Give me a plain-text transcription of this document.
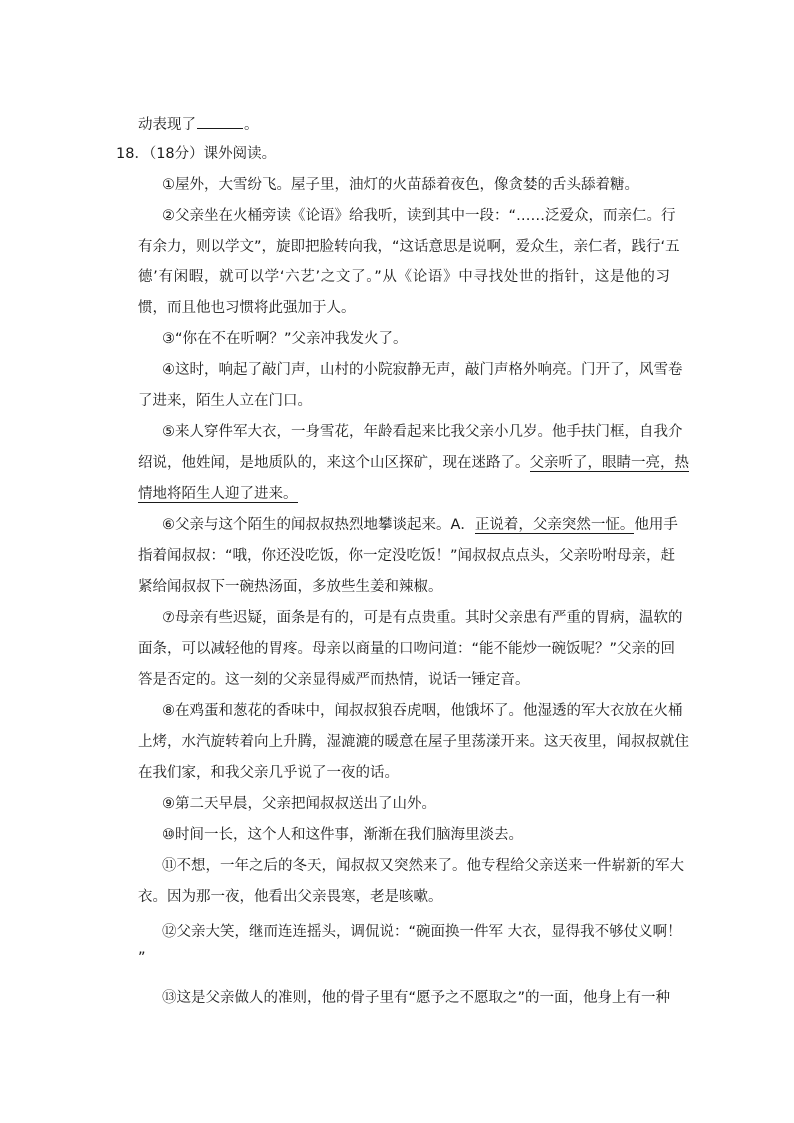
动表现了	。
18．（18分）课外阅读。
①屋外，大雪纷飞。屋子里，油灯的火苗舔着夜色，像贪婪的舌头舔着糖。
②父亲坐在火桶旁读《论语》给我听，读到其中一段：“……泛爱众，而亲仁。行
有余力，则以学文”，旋即把脸转向我，“这话意思是说啊，爱众生，亲仁者，践行‘五
德’有闲暇，就可以学‘六艺’之文了。”从《论语》中寻找处世的指针，这是他的习
惯，而且他也习惯将此强加于人。
③“你在不在听啊？”父亲冲我发火了。
④这时，响起了敲门声，山村的小院寂静无声，敲门声格外响亮。门开了，风雪卷
了进来，陌生人立在门口。
⑤来人穿件军大衣，一身雪花，年龄看起来比我父亲小几岁。他手扶门框，自我介
绍说，他姓闻，是地质队的，来这个山区探矿，现在迷路了。父亲听了，眼睛一亮，热
情地将陌生人迎了进来。
⑥父亲与这个陌生的闻叔叔热烈地攀谈起来。A．正说着，父亲突然一怔。他用手
指着闻叔叔：“哦，你还没吃饭，你一定没吃饭！”闻叔叔点点头，父亲吩咐母亲，赶
紧给闻叔叔下一碗热汤面，多放些生姜和辣椒。
⑦母亲有些迟疑，面条是有的，可是有点贵重。其时父亲患有严重的胃病，温软的
面条，可以减轻他的胃疼。母亲以商量的口吻问道：“能不能炒一碗饭呢？”父亲的回
答是否定的。这一刻的父亲显得威严而热情，说话一锤定音。
⑧在鸡蛋和葱花的香味中，闻叔叔狼吞虎咽，他饿坏了。他湿透的军大衣放在火桶
上烤，水汽旋转着向上升腾，湿漉漉的暖意在屋子里荡漾开来。这天夜里，闻叔叔就住
在我们家，和我父亲几乎说了一夜的话。
⑨第二天早晨，父亲把闻叔叔送出了山外。
⑩时间一长，这个人和这件事，渐渐在我们脑海里淡去。
⑪不想，一年之后的冬天，闻叔叔又突然来了。他专程给父亲送来一件崭新的军大
衣。因为那一夜，他看出父亲畏寒，老是咳嗽。
⑫父亲大笑，继而连连摇头，调侃说：“碗面换一件军 大衣，显得我不够仗义啊！
”
⑬这是父亲做人的准则，他的骨子里有“愿予之不愿取之”的一面，他身上有一种
